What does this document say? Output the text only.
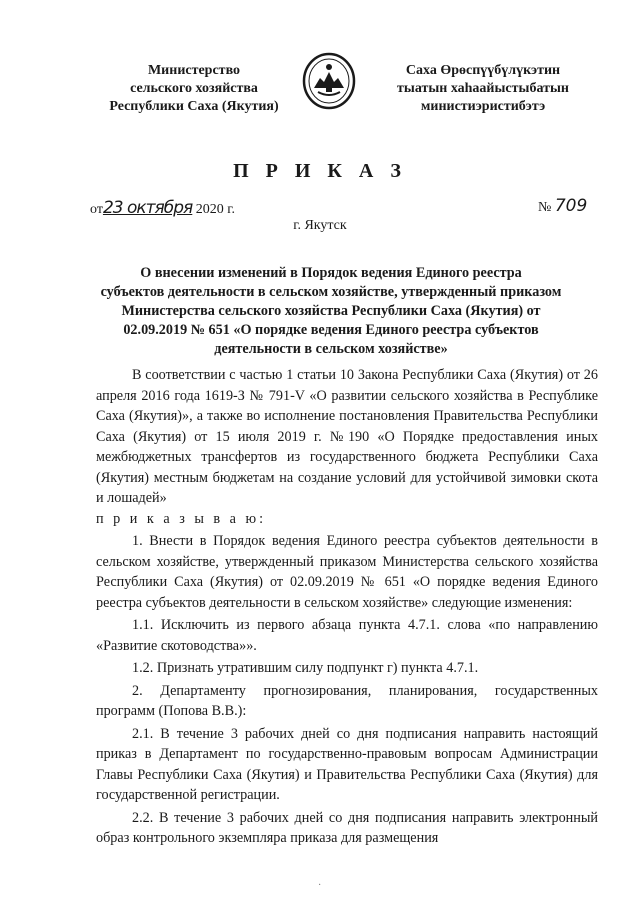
Министерство
сельского хозяйства
Республики Саха (Якутия)
Саха Өрөспүүбүлүкэтин
тыатын хаһаайыстыбатын
министиэристибэтэ
П Р И К А З
от23 октября 2020 г.	№ 709
г. Якутск
О внесении изменений в Порядок ведения Единого реестра
субъектов деятельности в сельском хозяйстве, утвержденный приказом
Министерства сельского хозяйства Республики Саха (Якутия) от
02.09.2019 № 651 «О порядке ведения Единого реестра субъектов
деятельности в сельском хозяйстве»

В соответствии с частью 1 статьи 10 Закона Республики Саха (Якутия) от 26 апреля 2016 года 1619-З № 791-V «О развитии сельского хозяйства в Республике Саха (Якутия)», а также во исполнение постановления Правительства Республики Саха (Якутия) от 15 июля 2019 г. №190 «О Порядке предоставления иных межбюджетных трансфертов из государственного бюджета Республики Саха (Якутия) местным бюджетам на создание условий для устойчивой зимовки скота и лошадей»

п р и к а з ы в а ю:

1. Внести в Порядок ведения Единого реестра субъектов деятельности в сельском хозяйстве, утвержденный приказом Министерства сельского хозяйства Республики Саха (Якутия) от 02.09.2019 № 651 «О порядке ведения Единого реестра субъектов деятельности в сельском хозяйстве» следующие изменения:

1.1. Исключить из первого абзаца пункта 4.7.1. слова «по направлению «Развитие скотоводства»».

1.2. Признать утратившим силу подпункт г) пункта 4.7.1.

2. Департаменту прогнозирования, планирования, государственных программ (Попова В.В.):

2.1. В течение 3 рабочих дней со дня подписания направить настоящий приказ в Департамент по государственно-правовым вопросам Администрации Главы Республики Саха (Якутия) и Правительства Республики Саха (Якутия) для государственной регистрации.

2.2. В течение 3 рабочих дней со дня подписания направить электронный образ контрольного экземпляра приказа для размещения

·
